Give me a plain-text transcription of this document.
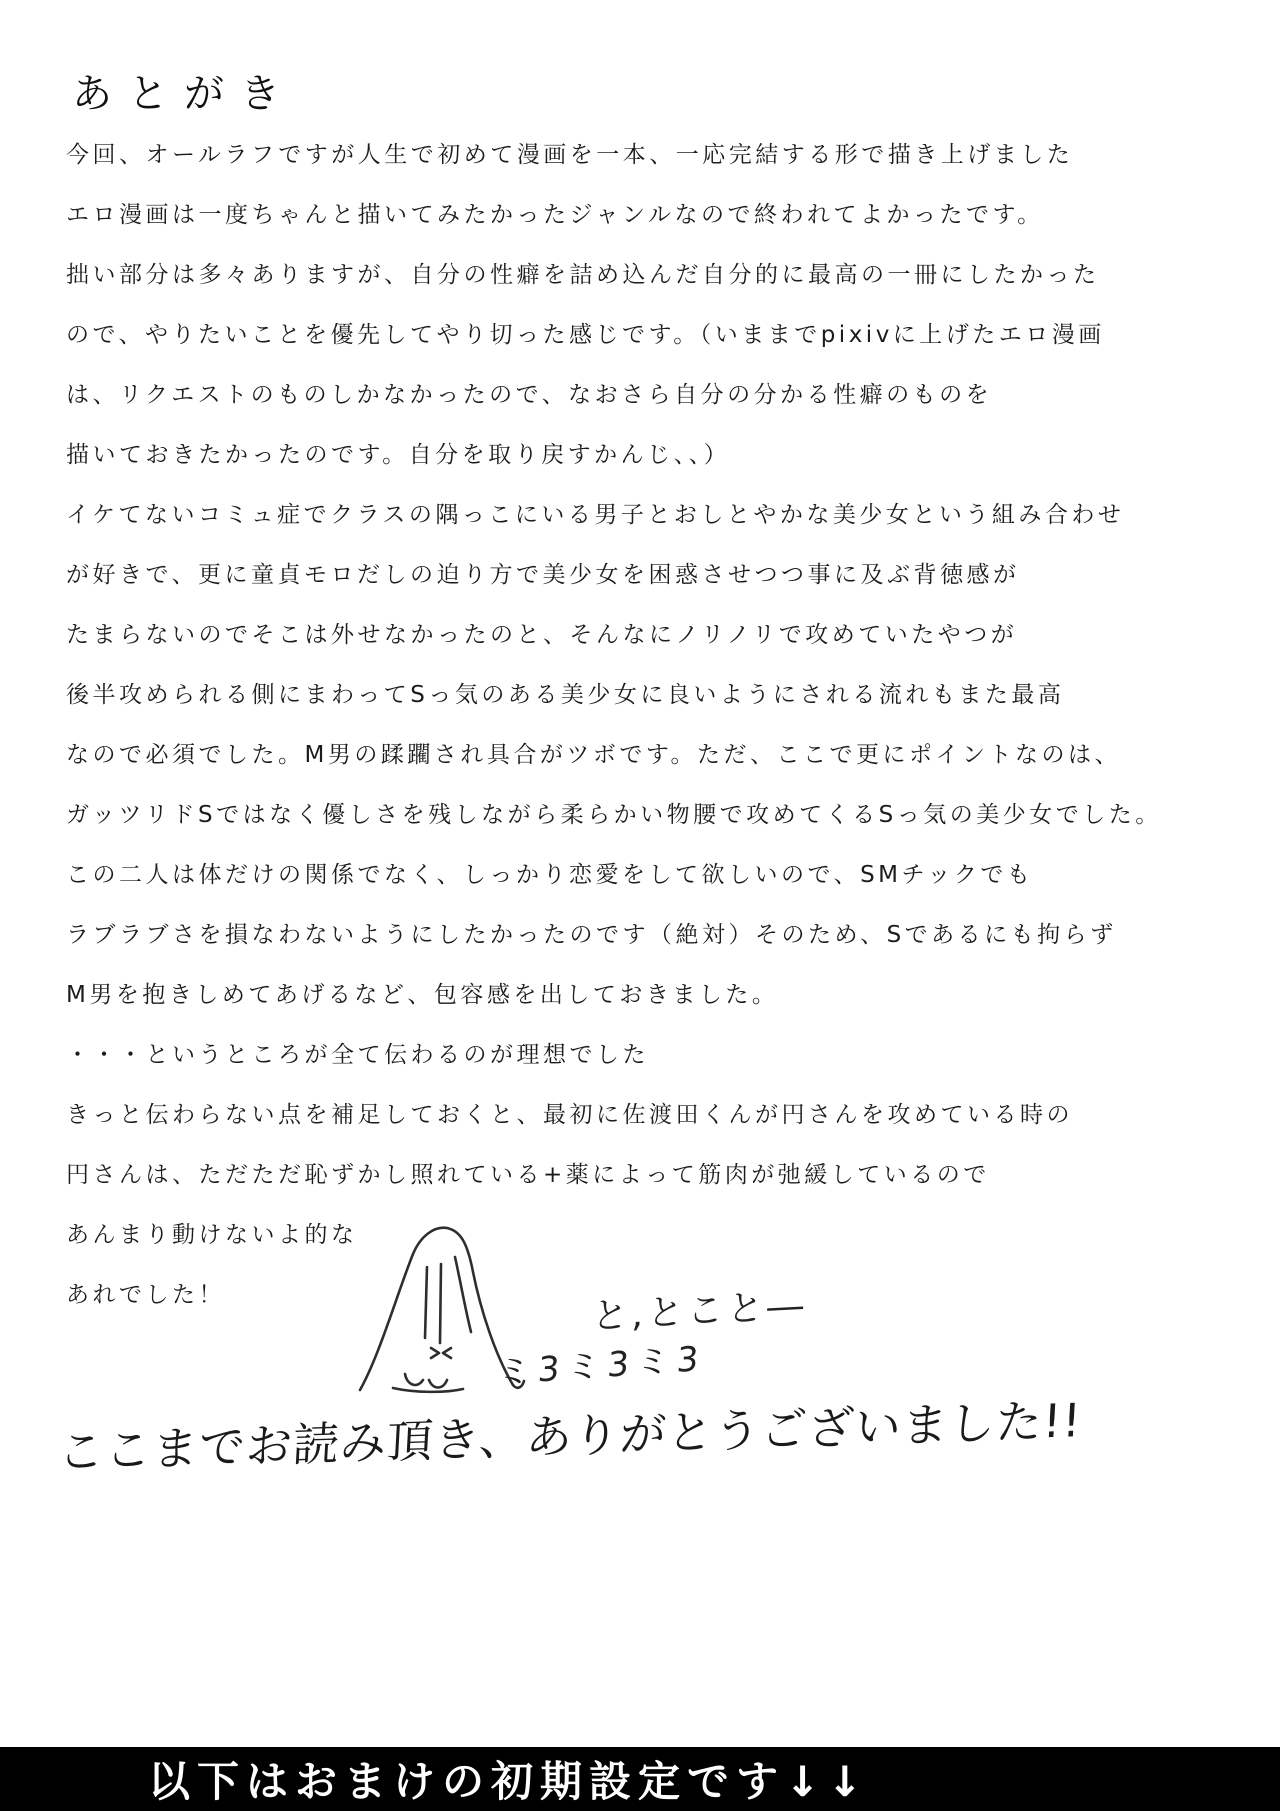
あとがき

今回、オールラフですが人生で初めて漫画を一本、一応完結する形で描き上げました

エロ漫画は一度ちゃんと描いてみたかったジャンルなので終われてよかったです。

拙い部分は多々ありますが、自分の性癖を詰め込んだ自分的に最高の一冊にしたかった

ので、やりたいことを優先してやり切った感じです。（いままでpixivに上げたエロ漫画

は、リクエストのものしかなかったので、なおさら自分の分かる性癖のものを

描いておきたかったのです。自分を取り戻すかんじ、、）

イケてないコミュ症でクラスの隅っこにいる男子とおしとやかな美少女という組み合わせ

が好きで、更に童貞モロだしの迫り方で美少女を困惑させつつ事に及ぶ背徳感が

たまらないのでそこは外せなかったのと、そんなにノリノリで攻めていたやつが

後半攻められる側にまわってSっ気のある美少女に良いようにされる流れもまた最高

なので必須でした。M男の蹂躙され具合がツボです。ただ、ここで更にポイントなのは、

ガッツリドSではなく優しさを残しながら柔らかい物腰で攻めてくるSっ気の美少女でした。

この二人は体だけの関係でなく、しっかり恋愛をして欲しいので、SMチックでも

ラブラブさを損なわないようにしたかったのです（絶対）そのため、Sであるにも拘らず

M男を抱きしめてあげるなど、包容感を出しておきました。

・・・というところが全て伝わるのが理想でした

きっと伝わらない点を補足しておくと、最初に佐渡田くんが円さんを攻めている時の

円さんは、ただただ恥ずかし照れている+薬によって筋肉が弛緩しているので

あんまり動けないよ的な

あれでした！	と,とこと―
ミ3ミ3ミ3
ここまでお読み頂き、ありがとうございました!!
以下はおまけの初期設定です↓↓
